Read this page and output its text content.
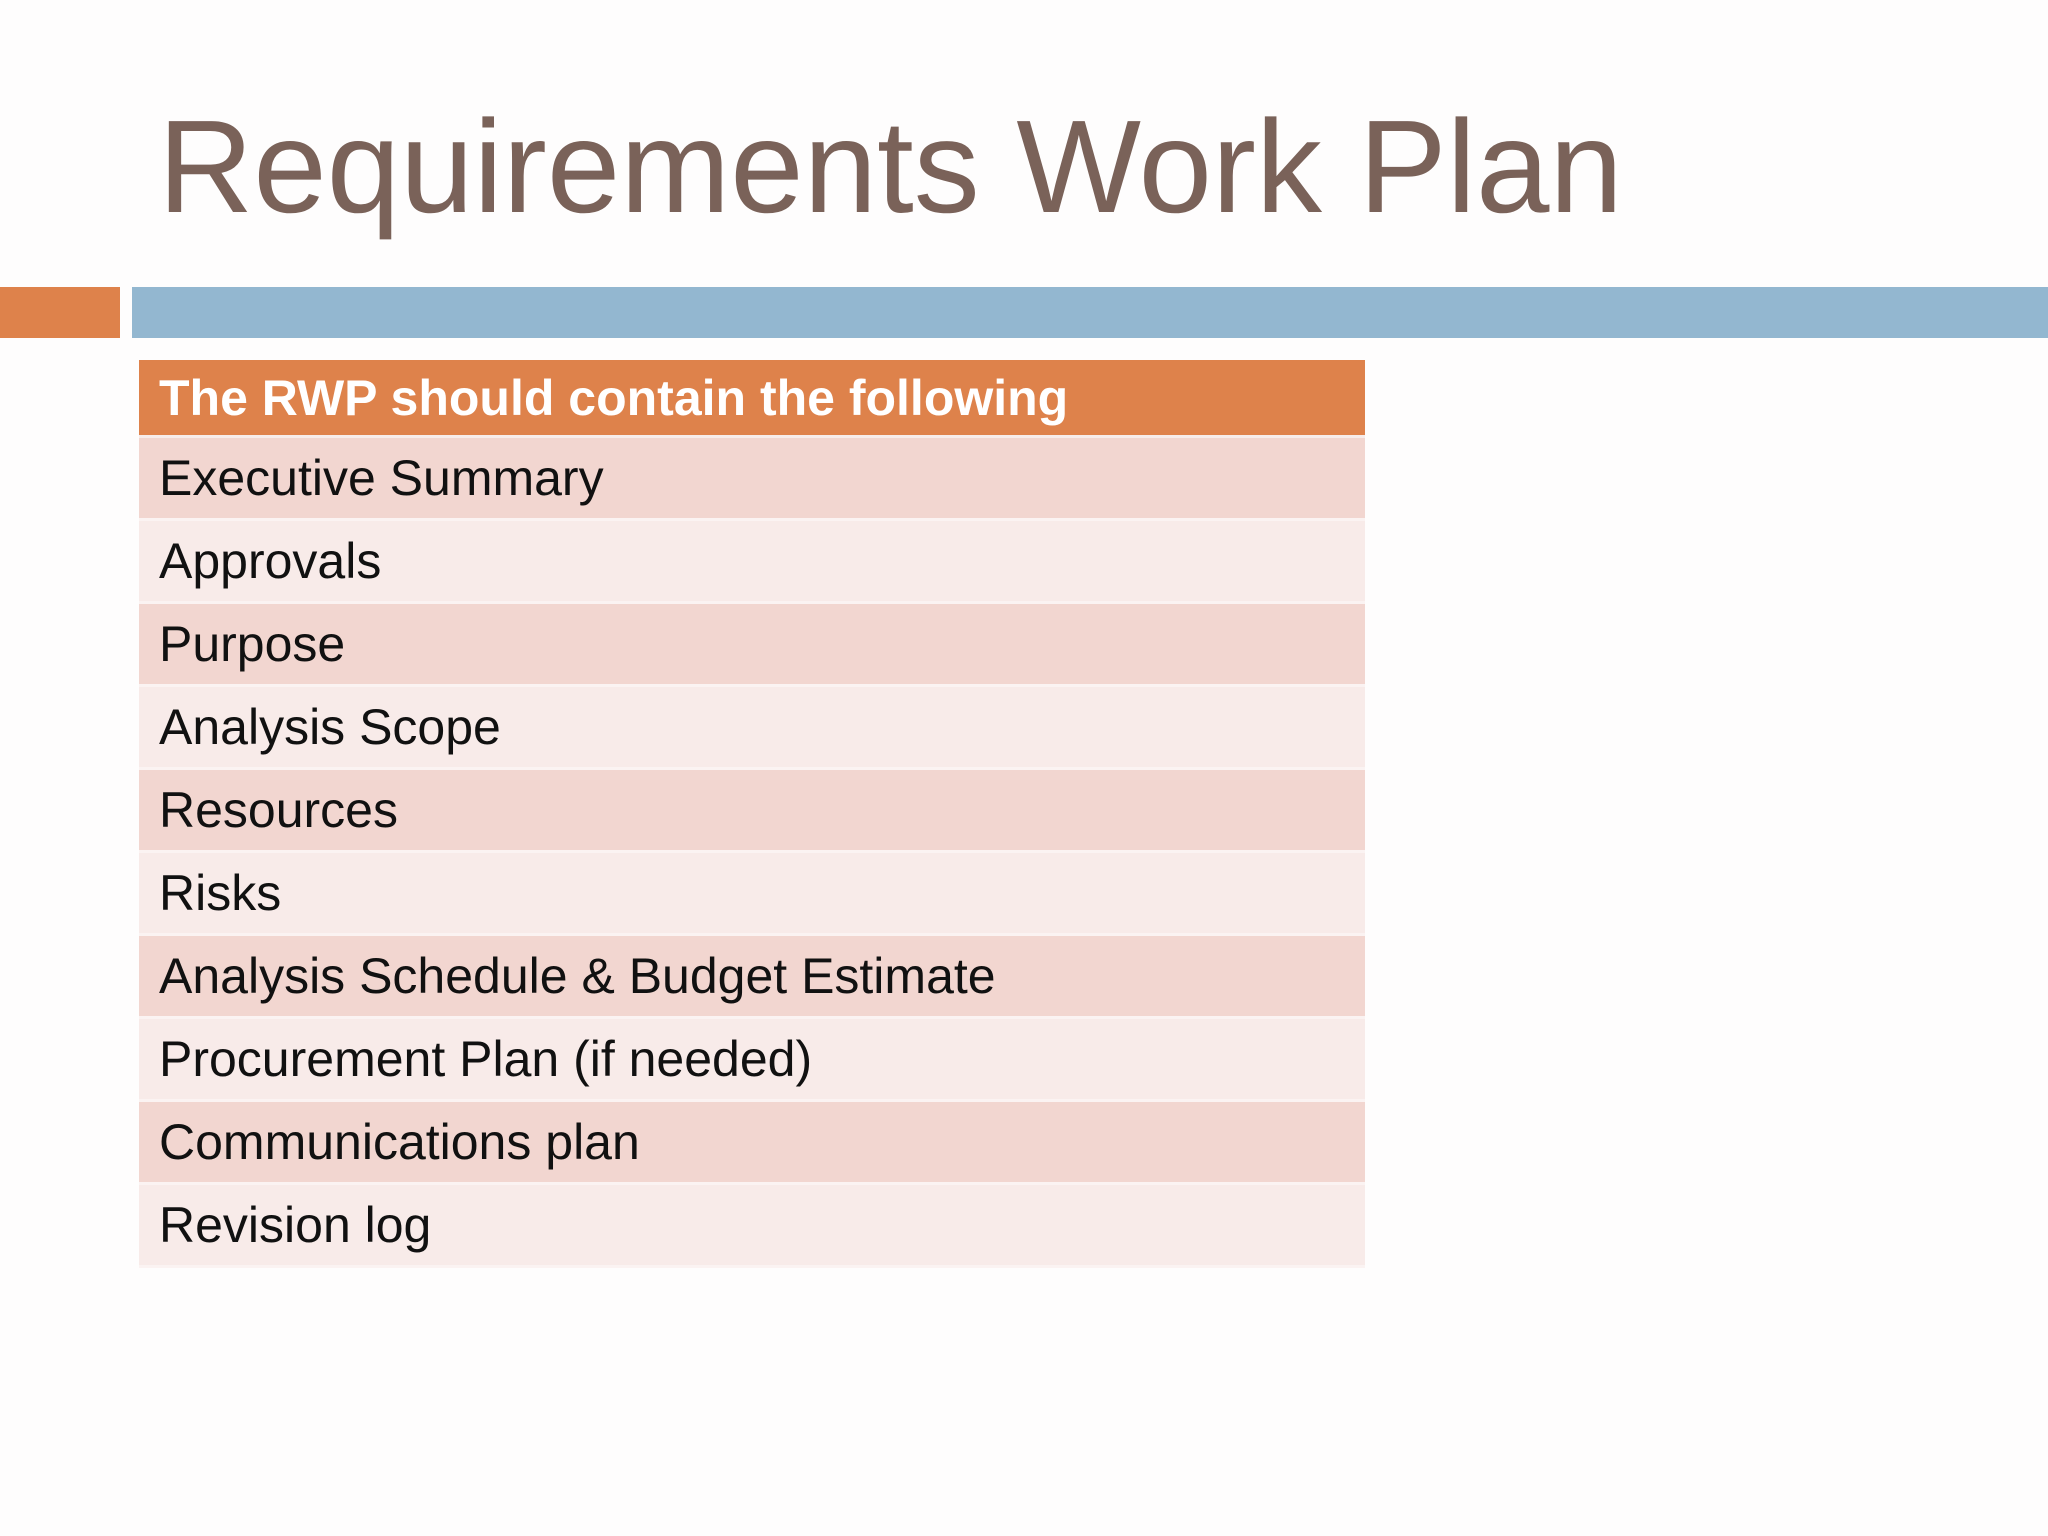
Requirements Work Plan
The RWP should contain the following
Executive Summary
Approvals
Purpose
Analysis Scope
Resources
Risks
Analysis Schedule & Budget Estimate
Procurement Plan (if needed)
Communications plan
Revision log
